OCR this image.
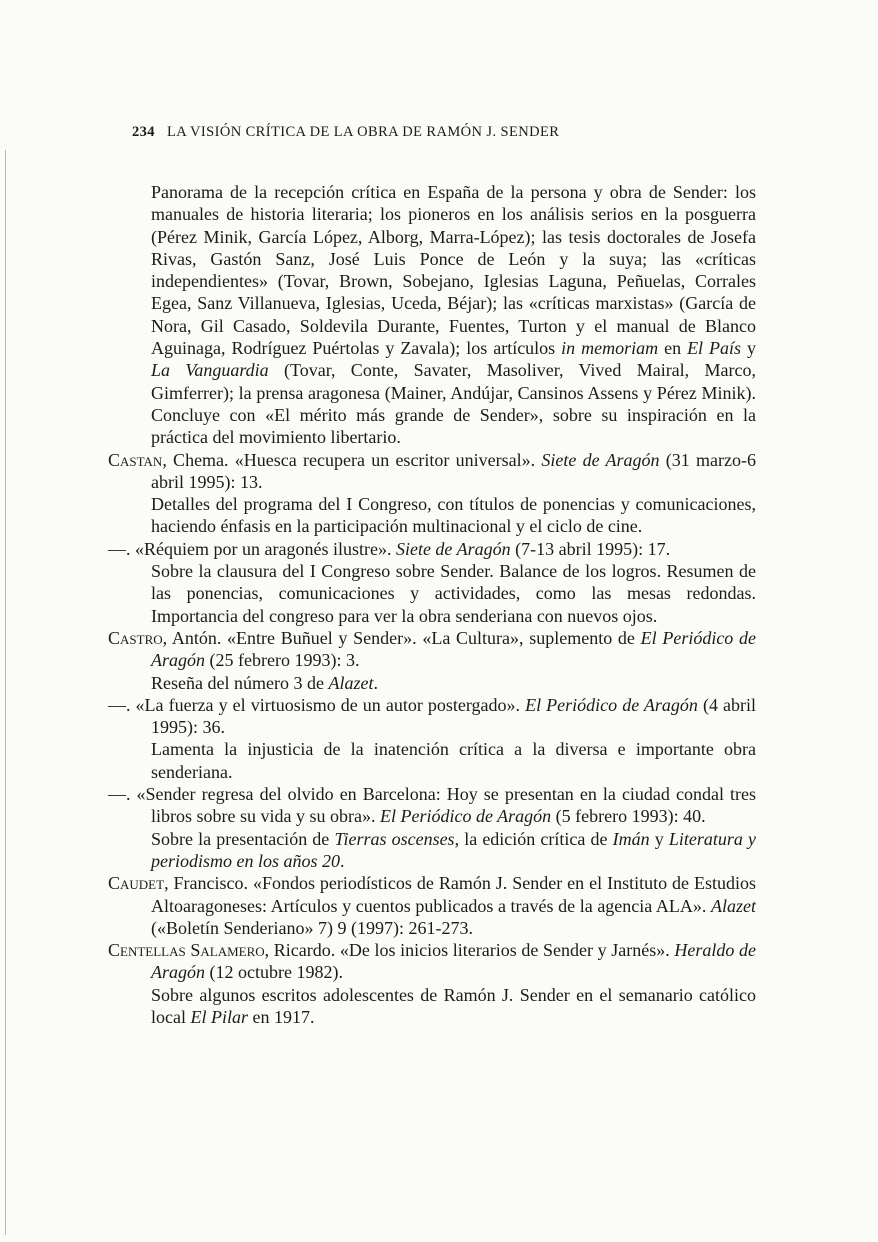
234 LA VISIÓN CRÍTICA DE LA OBRA DE RAMÓN J. SENDER

Panorama de la recepción crítica en España de la persona y obra de Sender: los manuales de historia literaria; los pioneros en los análisis serios en la posguerra (Pérez Minik, García López, Alborg, Marra-López); las tesis doctorales de Josefa Rivas, Gastón Sanz, José Luis Ponce de León y la suya; las «críticas independientes» (Tovar, Brown, Sobejano, Iglesias Laguna, Peñuelas, Corrales Egea, Sanz Villanueva, Iglesias, Uceda, Béjar); las «críticas marxistas» (García de Nora, Gil Casado, Soldevila Durante, Fuentes, Turton y el manual de Blanco Aguinaga, Rodríguez Puértolas y Zavala); los artículos in memoriam en El País y La Vanguardia (Tovar, Conte, Savater, Masoliver, Vived Mairal, Marco, Gimferrer); la prensa aragonesa (Mainer, Andújar, Cansinos Assens y Pérez Minik). Concluye con «El mérito más grande de Sender», sobre su inspiración en la práctica del movimiento libertario.

Castan, Chema. «Huesca recupera un escritor universal». Siete de Aragón (31 marzo-6 abril 1995): 13.

Detalles del programa del I Congreso, con títulos de ponencias y comunicaciones, haciendo énfasis en la participación multinacional y el ciclo de cine.

—. «Réquiem por un aragonés ilustre». Siete de Aragón (7-13 abril 1995): 17.

Sobre la clausura del I Congreso sobre Sender. Balance de los logros. Resumen de las ponencias, comunicaciones y actividades, como las mesas redondas. Importancia del congreso para ver la obra senderiana con nuevos ojos.

Castro, Antón. «Entre Buñuel y Sender». «La Cultura», suplemento de El Periódico de Aragón (25 febrero 1993): 3.

Reseña del número 3 de Alazet.

—. «La fuerza y el virtuosismo de un autor postergado». El Periódico de Aragón (4 abril 1995): 36.

Lamenta la injusticia de la inatención crítica a la diversa e importante obra senderiana.

—. «Sender regresa del olvido en Barcelona: Hoy se presentan en la ciudad condal tres libros sobre su vida y su obra». El Periódico de Aragón (5 febrero 1993): 40.

Sobre la presentación de Tierras oscenses, la edición crítica de Imán y Literatura y periodismo en los años 20.

Caudet, Francisco. «Fondos periodísticos de Ramón J. Sender en el Instituto de Estudios Altoaragoneses: Artículos y cuentos publicados a través de la agencia ALA». Alazet («Boletín Senderiano» 7) 9 (1997): 261-273.

Centellas Salamero, Ricardo. «De los inicios literarios de Sender y Jarnés». Heraldo de Aragón (12 octubre 1982).

Sobre algunos escritos adolescentes de Ramón J. Sender en el semanario católico local El Pilar en 1917.
